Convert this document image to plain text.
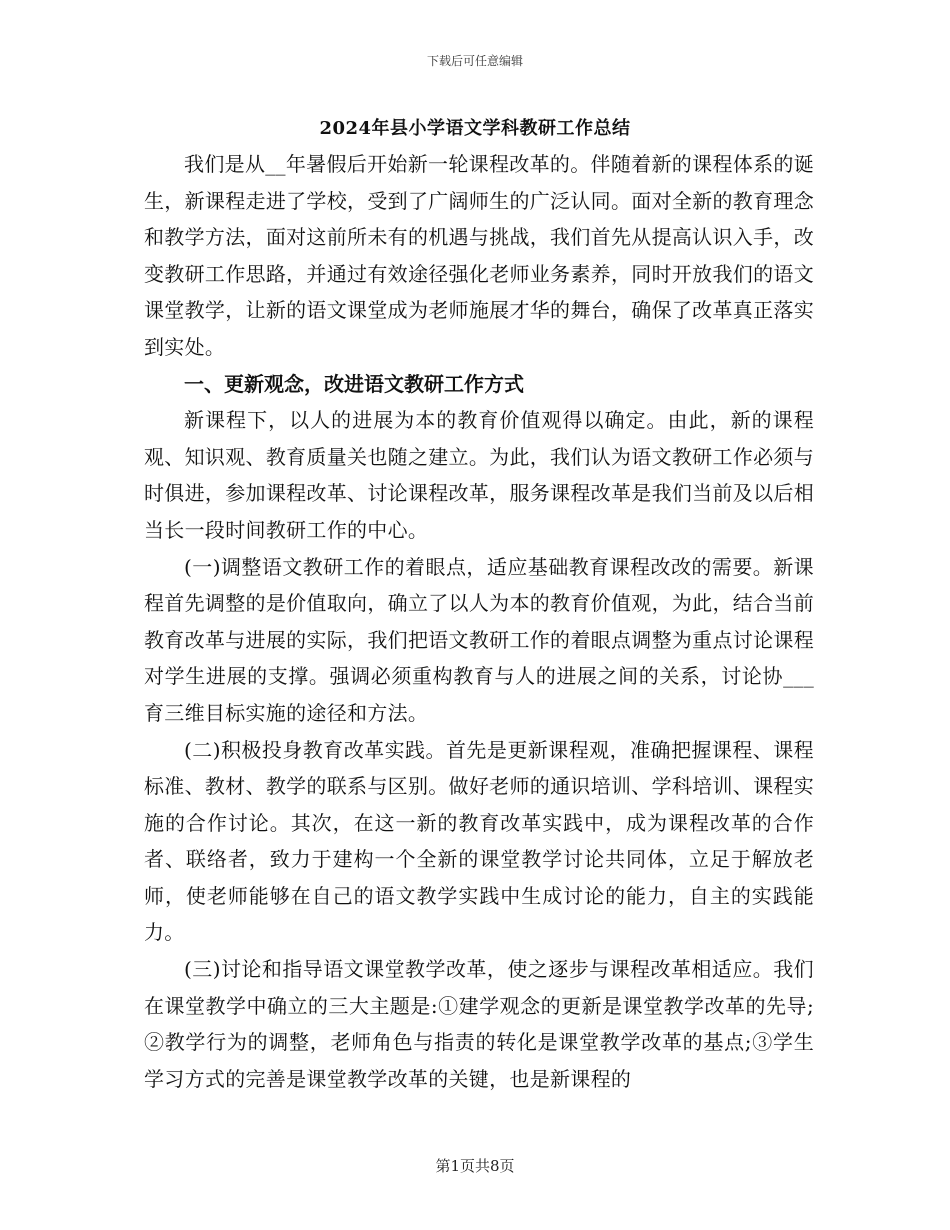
下载后可任意编辑
2024年县小学语文学科教研工作总结

我们是从__年暑假后开始新一轮课程改革的。伴随着新的课程体系的诞生，新课程走进了学校，受到了广阔师生的广泛认同。面对全新的教育理念和教学方法，面对这前所未有的机遇与挑战，我们首先从提高认识入手，改变教研工作思路，并通过有效途径强化老师业务素养，同时开放我们的语文课堂教学，让新的语文课堂成为老师施展才华的舞台，确保了改革真正落实到实处。

一、更新观念，改进语文教研工作方式

新课程下，以人的进展为本的教育价值观得以确定。由此，新的课程观、知识观、教育质量关也随之建立。为此，我们认为语文教研工作必须与时俱进，参加课程改革、讨论课程改革，服务课程改革是我们当前及以后相当长一段时间教研工作的中心。

(一)调整语文教研工作的着眼点，适应基础教育课程改改的需要。新课程首先调整的是价值取向，确立了以人为本的教育价值观，为此，结合当前教育改革与进展的实际，我们把语文教研工作的着眼点调整为重点讨论课程对学生进展的支撑。强调必须重构教育与人的进展之间的关系，讨论协___育三维目标实施的途径和方法。

(二)积极投身教育改革实践。首先是更新课程观，准确把握课程、课程标准、教材、教学的联系与区别。做好老师的通识培训、学科培训、课程实施的合作讨论。其次，在这一新的教育改革实践中，成为课程改革的合作者、联络者，致力于建构一个全新的课堂教学讨论共同体，立足于解放老师，使老师能够在自己的语文教学实践中生成讨论的能力，自主的实践能力。

(三)讨论和指导语文课堂教学改革，使之逐步与课程改革相适应。我们在课堂教学中确立的三大主题是:①建学观念的更新是课堂教学改革的先导;②教学行为的调整，老师角色与指责的转化是课堂教学改革的基点;③学生学习方式的完善是课堂教学改革的关键，也是新课程的

第1页共8页
